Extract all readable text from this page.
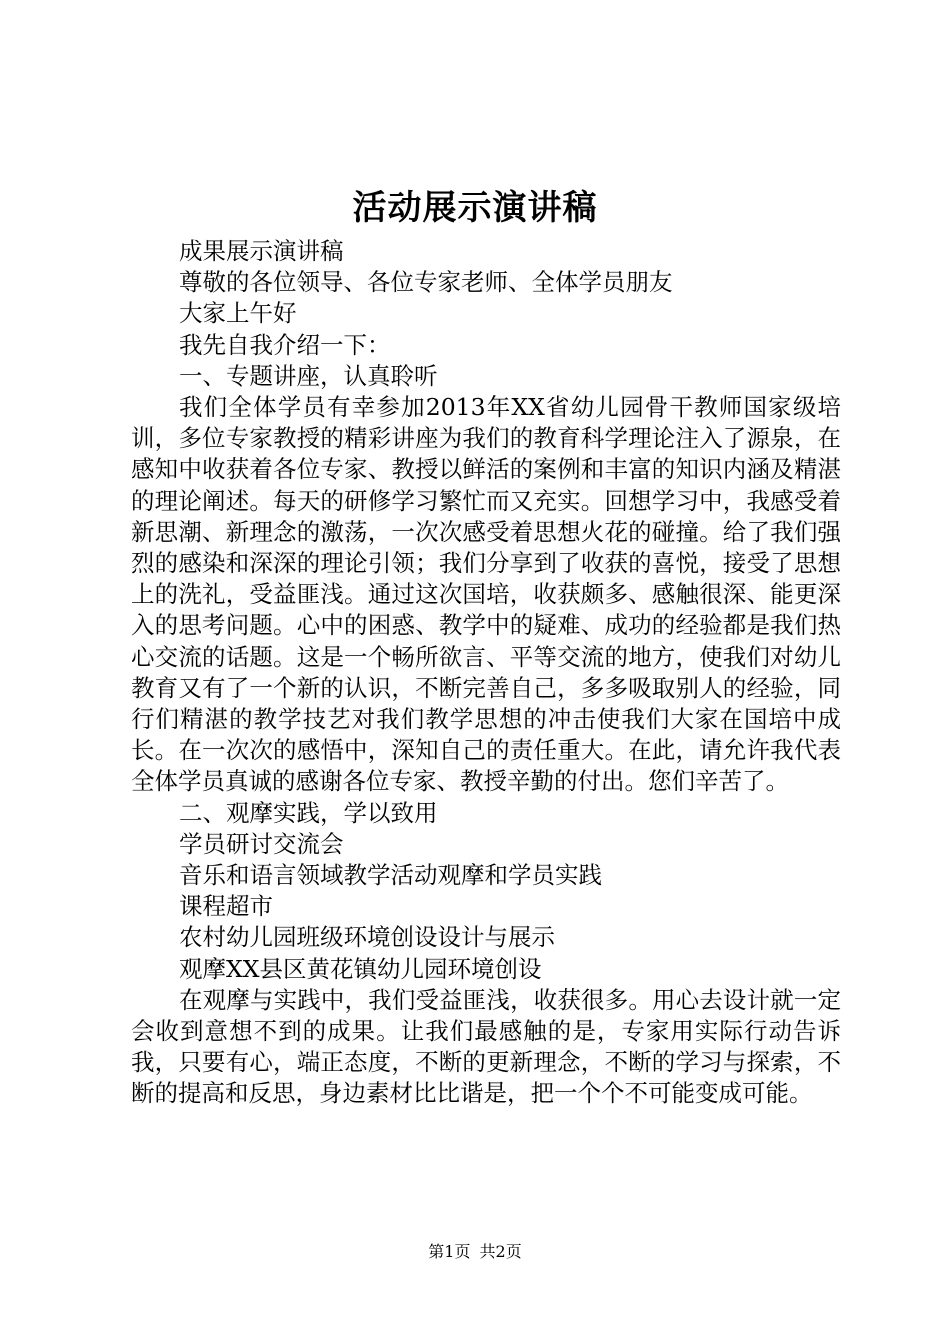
活动展示演讲稿
成果展示演讲稿
尊敬的各位领导、各位专家老师、全体学员朋友
大家上午好
我先自我介绍一下：
一、专题讲座，认真聆听

我们全体学员有幸参加2013年XX省幼儿园骨干教师国家级培训，多位专家教授的精彩讲座为我们的教育科学理论注入了源泉，在感知中收获着各位专家、教授以鲜活的案例和丰富的知识内涵及精湛的理论阐述。每天的研修学习繁忙而又充实。回想学习中，我感受着新思潮、新理念的激荡，一次次感受着思想火花的碰撞。给了我们强烈的感染和深深的理论引领；我们分享到了收获的喜悦，接受了思想上的洗礼，受益匪浅。通过这次国培，收获颇多、感触很深、能更深入的思考问题。心中的困惑、教学中的疑难、成功的经验都是我们热心交流的话题。这是一个畅所欲言、平等交流的地方，使我们对幼儿教育又有了一个新的认识，不断完善自己，多多吸取别人的经验，同行们精湛的教学技艺对我们教学思想的冲击使我们大家在国培中成长。在一次次的感悟中，深知自己的责任重大。在此，请允许我代表全体学员真诚的感谢各位专家、教授辛勤的付出。您们辛苦了。

二、观摩实践，学以致用
学员研讨交流会
音乐和语言领域教学活动观摩和学员实践
课程超市
农村幼儿园班级环境创设设计与展示
观摩XX县区黄花镇幼儿园环境创设

在观摩与实践中，我们受益匪浅，收获很多。用心去设计就一定会收到意想不到的成果。让我们最感触的是，专家用实际行动告诉我，只要有心，端正态度，不断的更新理念，不断的学习与探索，不断的提高和反思，身边素材比比谐是，把一个个不可能变成可能。

第1页 共2页
